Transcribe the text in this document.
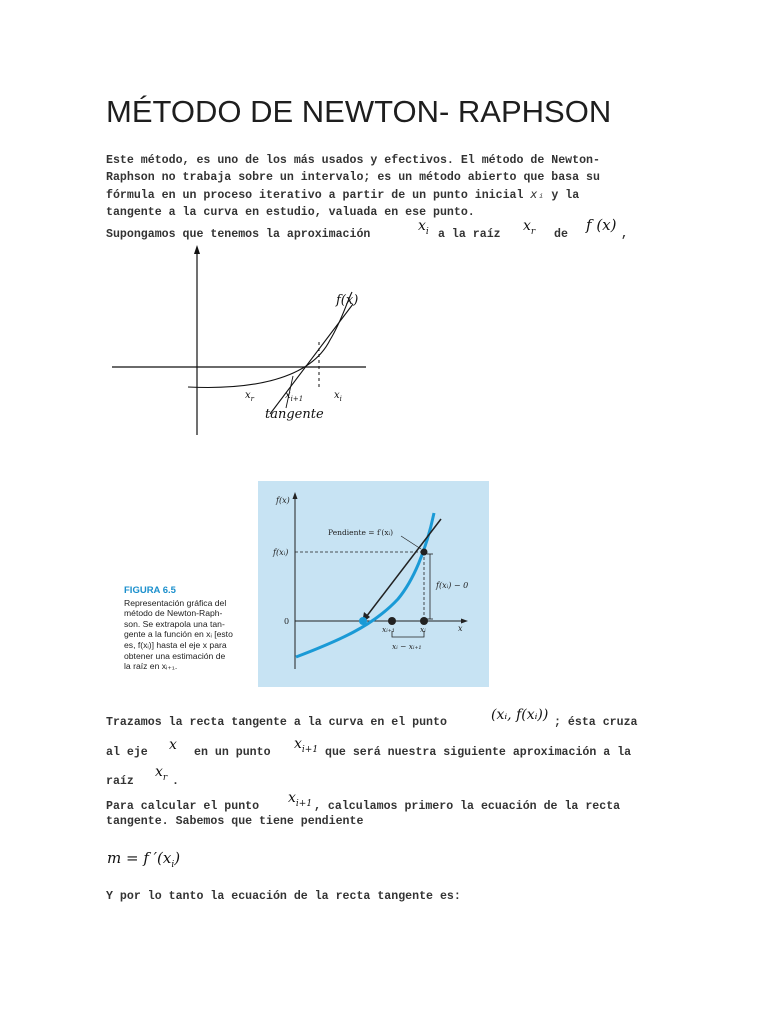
MÉTODO DE NEWTON- RAPHSON
Este método, es uno de los más usados y efectivos. El método de Newton-
Raphson no trabaja sobre un intervalo; es un método abierto que basa su
fórmula en un proceso iterativo a partir de un punto inicial xᵢ y la
tangente a la curva en estudio, valuada en ese punto.
Supongamos que tenemos la aproximación
$x_i$ a la raíz
$x_r$ de
f (x)
,
f(x)
$x_r$	$x_{i+1}$	$x_i$
tangente
FIGURA 6.5
Representación gráfica del
método de Newton-Raph-
son. Se extrapola una tan-
gente a la función en xᵢ [esto
es, f(xᵢ)] hasta el eje x para
obtener una estimación de
la raíz en xᵢ₊₁.
f(x)
f(xᵢ)
0
x
Pendiente = f′(xᵢ)
f(xᵢ) − 0
xᵢ₊₁	xᵢ
xᵢ − xᵢ₊₁
Trazamos la recta tangente a la curva en el punto	(xᵢ, f(xᵢ)) ; ésta cruza
al eje x en un punto
$x_{i+1}$ que será nuestra siguiente aproximación a la
raíz
$x_r$ .
Para calcular el punto
$x_{i+1}$ , calculamos primero la ecuación de la recta
tangente. Sabemos que tiene pendiente
m = f $'(x_i)$
Y por lo tanto la ecuación de la recta tangente es:
